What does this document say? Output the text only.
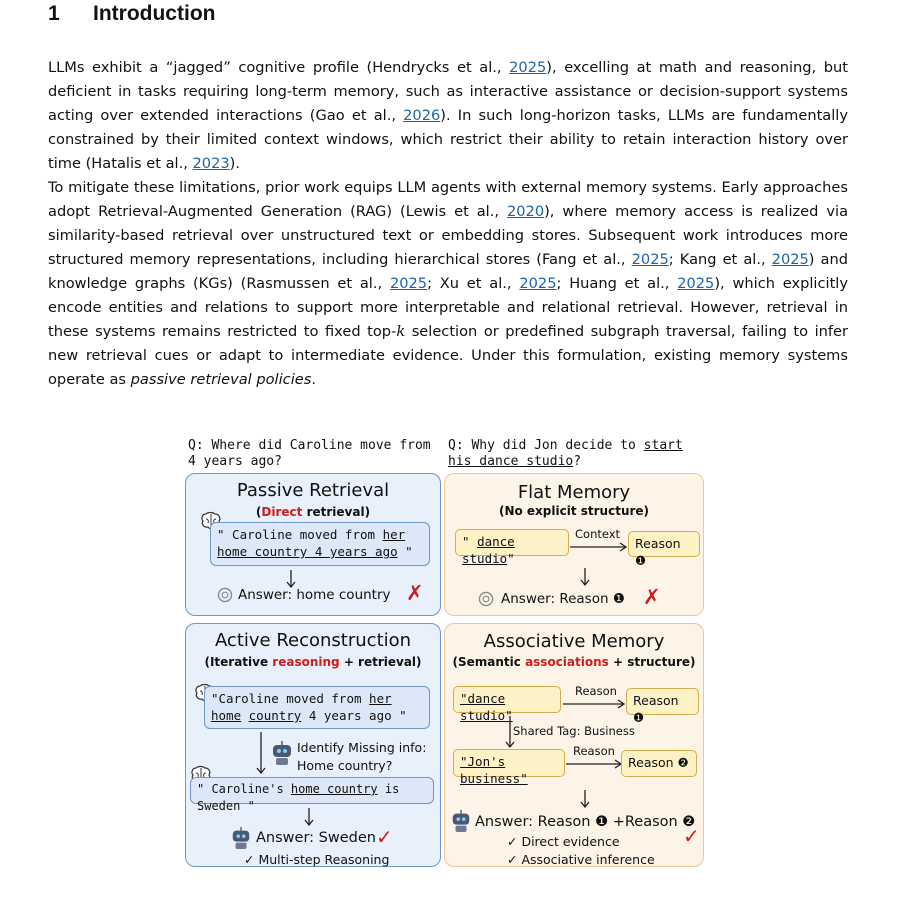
1 Introduction
LLMs exhibit a “jagged” cognitive profile (Hendrycks et al., 2025), excelling at math and reasoning, but deficient in tasks requiring long-term memory, such as interactive assistance or decision-support systems acting over extended interactions (Gao et al., 2026). In such long-horizon tasks, LLMs are fundamentally constrained by their limited context windows, which restrict their ability to retain interaction history over time (Hatalis et al., 2023).
To mitigate these limitations, prior work equips LLM agents with external memory systems. Early approaches adopt Retrieval-Augmented Generation (RAG) (Lewis et al., 2020), where memory access is realized via similarity-based retrieval over unstructured text or embedding stores. Subsequent work introduces more structured memory representations, including hierarchical stores (Fang et al., 2025; Kang et al., 2025) and knowledge graphs (KGs) (Rasmussen et al., 2025; Xu et al., 2025; Huang et al., 2025), which explicitly encode entities and relations to support more interpretable and relational retrieval. However, retrieval in these systems remains restricted to fixed top-k selection or predefined subgraph traversal, failing to infer new retrieval cues or adapt to intermediate evidence. Under this formulation, existing memory systems operate as passive retrieval policies.
Q: Where did Caroline move from 4 years ago?
Q: Why did Jon decide to start his dance studio?
Passive Retrieval
(Direct retrieval)
" Caroline moved from her home country 4 years ago "
Answer: home country ✗
Flat Memory
(No explicit structure)
" dance studio"
Context
Reason ❶
Answer: Reason ❶ ✗
Active Reconstruction
(Iterative reasoning + retrieval)
"Caroline moved from her home country 4 years ago "
Identify Missing info:
Home country?
" Caroline's home country is Sweden "
Answer: Sweden ✓
✓ Multi-step Reasoning
Associative Memory
(Semantic associations + structure)
"dance studio"
Reason
Reason ❶
Shared Tag: Business
"Jon's business"
Reason
Reason ❷
Answer: Reason ❶ +Reason ❷
✓
✓ Direct evidence
✓ Associative inference
